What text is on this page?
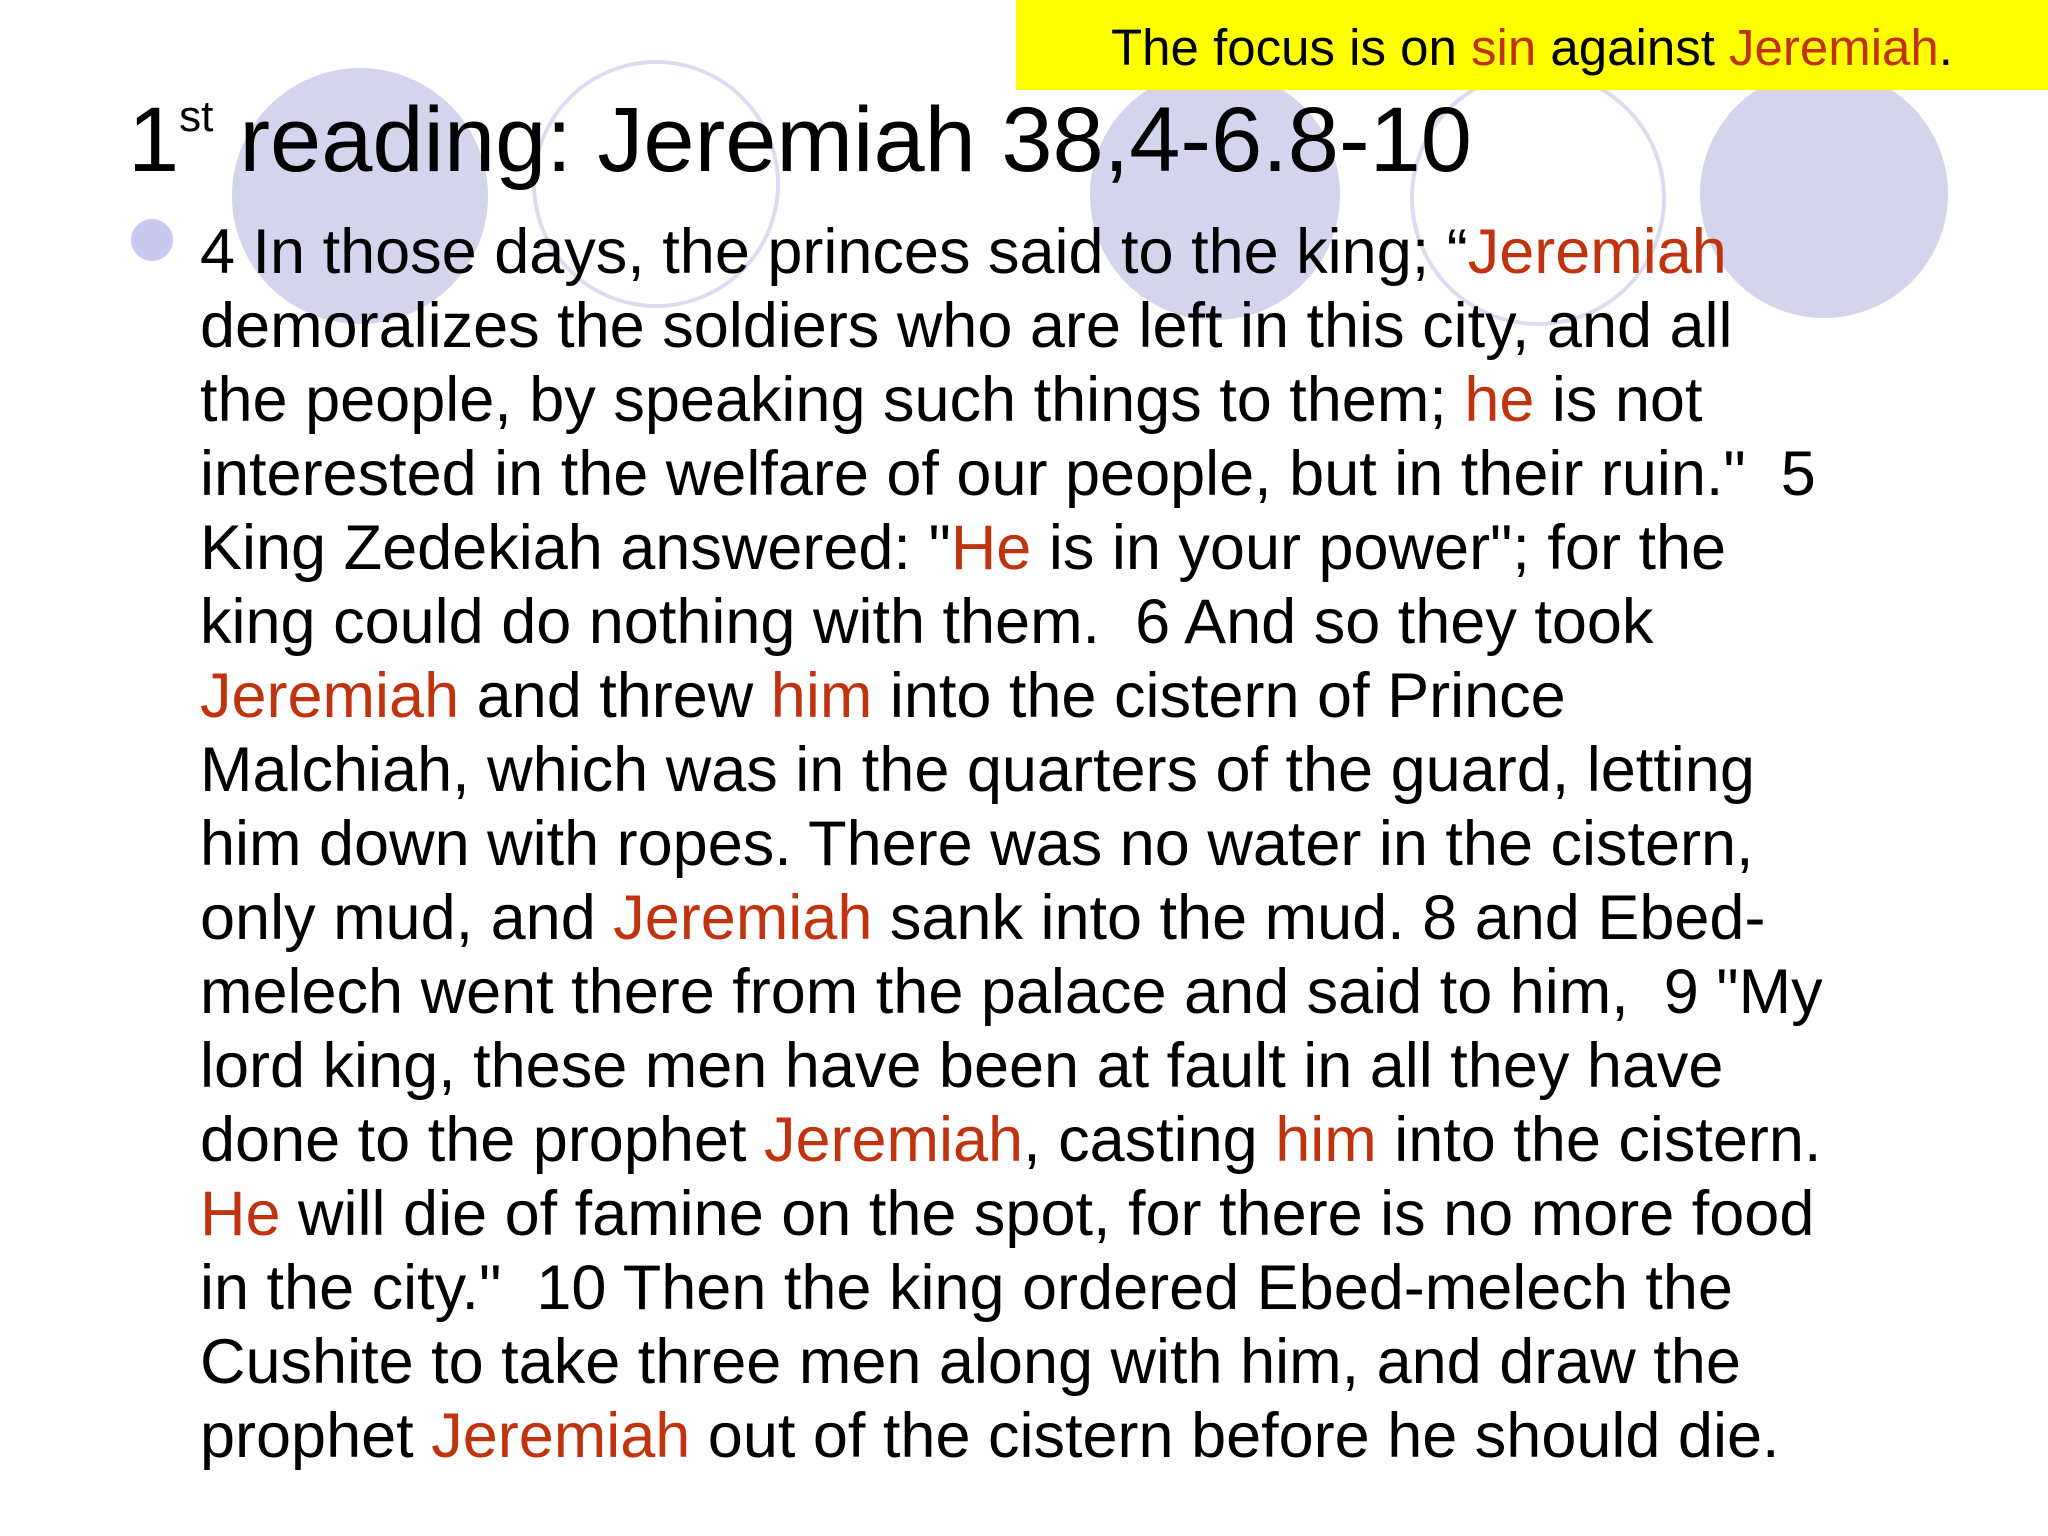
The focus is on sin against Jeremiah.
1st reading: Jeremiah 38,4-6.8-10
4 In those days, the princes said to the king; “Jeremiah
demoralizes the soldiers who are left in this city, and all
the people, by speaking such things to them; he is not
interested in the welfare of our people, but in their ruin."  5
King Zedekiah answered: "He is in your power"; for the
king could do nothing with them.  6 And so they took
Jeremiah and threw him into the cistern of Prince
Malchiah, which was in the quarters of the guard, letting
him down with ropes. There was no water in the cistern,
only mud, and Jeremiah sank into the mud. 8 and Ebed-
melech went there from the palace and said to him,  9 "My
lord king, these men have been at fault in all they have
done to the prophet Jeremiah, casting him into the cistern.
He will die of famine on the spot, for there is no more food
in the city."  10 Then the king ordered Ebed-melech the
Cushite to take three men along with him, and draw the
prophet Jeremiah out of the cistern before he should die.
